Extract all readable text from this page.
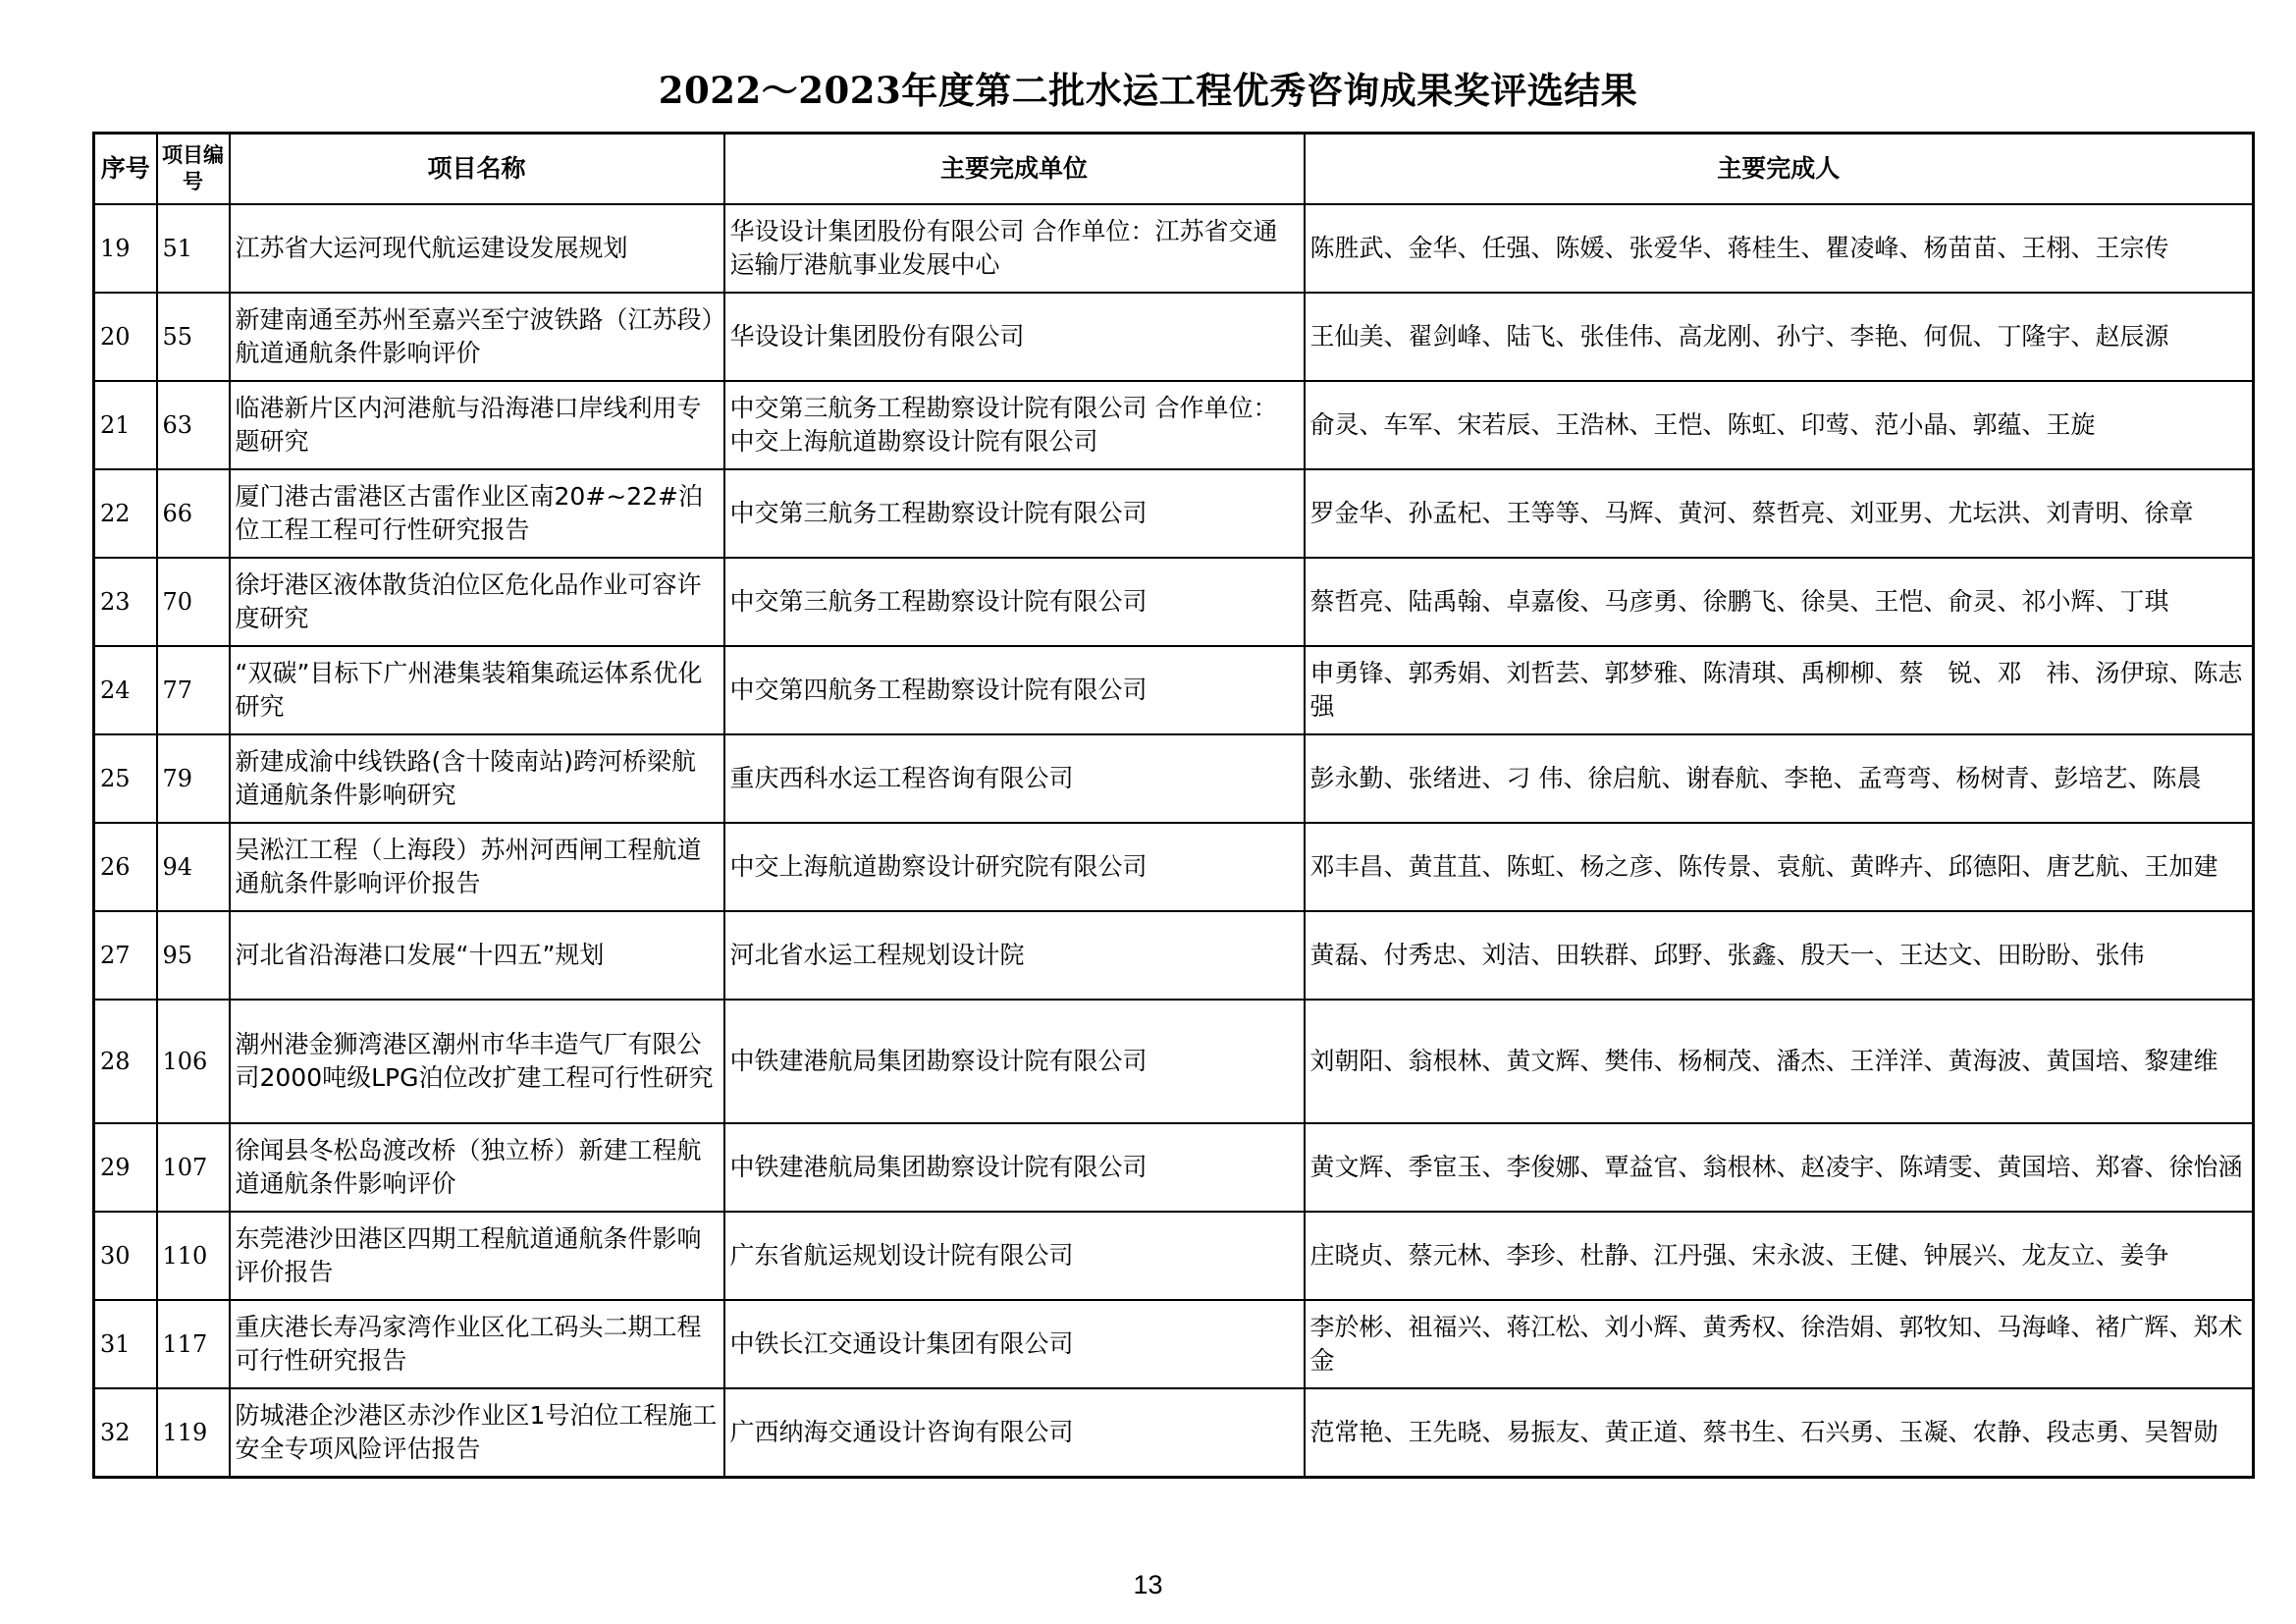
2022～2023年度第二批水运工程优秀咨询成果奖评选结果
序号	项目编号	项目名称	主要完成单位	主要完成人
19	51	江苏省大运河现代航运建设发展规划	华设设计集团股份有限公司 合作单位：江苏省交通运输厅港航事业发展中心	陈胜武、金华、任强、陈媛、张爱华、蒋桂生、瞿凌峰、杨苗苗、王栩、王宗传
20	55	新建南通至苏州至嘉兴至宁波铁路（江苏段）航道通航条件影响评价	华设设计集团股份有限公司	王仙美、翟剑峰、陆飞、张佳伟、高龙刚、孙宁、李艳、何侃、丁隆宇、赵辰源
21	63	临港新片区内河港航与沿海港口岸线利用专题研究	中交第三航务工程勘察设计院有限公司 合作单位：中交上海航道勘察设计院有限公司	俞灵、车军、宋若辰、王浩林、王恺、陈虹、印莺、范小晶、郭蕴、王旋
22	66	厦门港古雷港区古雷作业区南20#~22#泊位工程工程可行性研究报告	中交第三航务工程勘察设计院有限公司	罗金华、孙孟杞、王等等、马辉、黄河、蔡哲亮、刘亚男、尤坛洪、刘青明、徐章
23	70	徐圩港区液体散货泊位区危化品作业可容许度研究	中交第三航务工程勘察设计院有限公司	蔡哲亮、陆禹翰、卓嘉俊、马彦勇、徐鹏飞、徐昊、王恺、俞灵、祁小辉、丁琪
24	77	“双碳”目标下广州港集装箱集疏运体系优化研究	中交第四航务工程勘察设计院有限公司	申勇锋、郭秀娟、刘哲芸、郭梦雅、陈清琪、禹柳柳、蔡　锐、邓　祎、汤伊琼、陈志强
25	79	新建成渝中线铁路(含十陵南站)跨河桥梁航道通航条件影响研究	重庆西科水运工程咨询有限公司	彭永勤、张绪进、刁 伟、徐启航、谢春航、李艳、孟弯弯、杨树青、彭培艺、陈晨
26	94	吴淞江工程（上海段）苏州河西闸工程航道通航条件影响评价报告	中交上海航道勘察设计研究院有限公司	邓丰昌、黄苴苴、陈虹、杨之彦、陈传景、袁航、黄晔卉、邱德阳、唐艺航、王加建
27	95	河北省沿海港口发展“十四五”规划	河北省水运工程规划设计院	黄磊、付秀忠、刘洁、田轶群、邱野、张鑫、殷天一、王达文、田盼盼、张伟
28	106	潮州港金狮湾港区潮州市华丰造气厂有限公司2000吨级LPG泊位改扩建工程可行性研究	中铁建港航局集团勘察设计院有限公司	刘朝阳、翁根林、黄文辉、樊伟、杨桐茂、潘杰、王洋洋、黄海波、黄国培、黎建维
29	107	徐闻县冬松岛渡改桥（独立桥）新建工程航道通航条件影响评价	中铁建港航局集团勘察设计院有限公司	黄文辉、季宦玉、李俊娜、覃益官、翁根林、赵凌宇、陈靖雯、黄国培、郑睿、徐怡涵
30	110	东莞港沙田港区四期工程航道通航条件影响评价报告	广东省航运规划设计院有限公司	庄晓贞、蔡元林、李珍、杜静、江丹强、宋永波、王健、钟展兴、龙友立、姜争
31	117	重庆港长寿冯家湾作业区化工码头二期工程可行性研究报告	中铁长江交通设计集团有限公司	李於彬、祖福兴、蒋江松、刘小辉、黄秀权、徐浩娟、郭牧知、马海峰、褚广辉、郑术金
32	119	防城港企沙港区赤沙作业区1号泊位工程施工安全专项风险评估报告	广西纳海交通设计咨询有限公司	范常艳、王先晓、易振友、黄正道、蔡书生、石兴勇、玉凝、农静、段志勇、吴智勋
13
